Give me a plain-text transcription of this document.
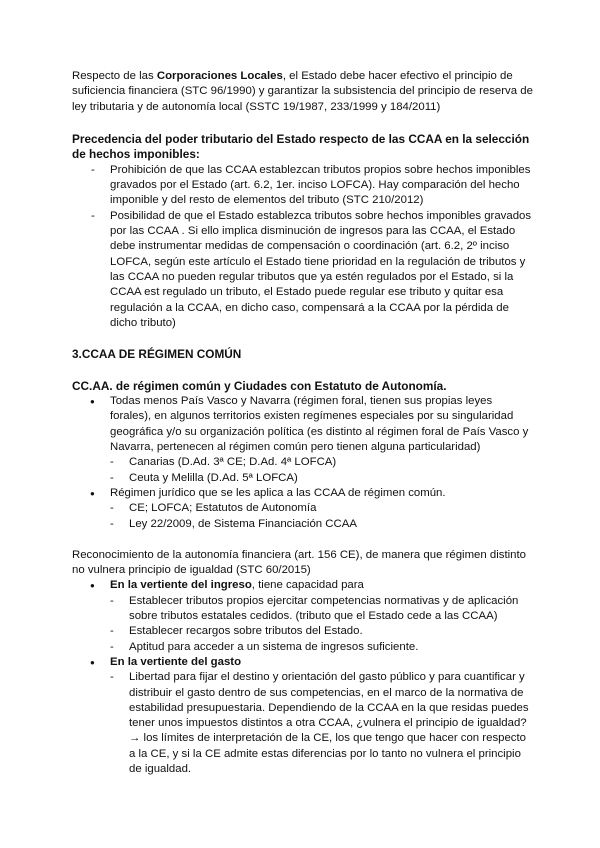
Respecto de las Corporaciones Locales, el Estado debe hacer efectivo el principio de suficiencia financiera (STC 96/1990) y garantizar la subsistencia del principio de reserva de ley tributaria y de autonomía local (SSTC 19/1987, 233/1999 y 184/2011)

Precedencia del poder tributario del Estado respecto de las CCAA en la selección de hechos imponibles:

- Prohibición de que las CCAA establezcan tributos propios sobre hechos imponibles gravados por el Estado (art. 6.2, 1er. inciso LOFCA). Hay comparación del hecho imponible y del resto de elementos del tributo (STC 210/2012)
- Posibilidad de que el Estado establezca tributos sobre hechos imponibles gravados por las CCAA . Si ello implica disminución de ingresos para las CCAA, el Estado debe instrumentar medidas de compensación o coordinación (art. 6.2, 2º inciso LOFCA, según este artículo el Estado tiene prioridad en la regulación de tributos y las CCAA no pueden regular tributos que ya estén regulados por el Estado, si la CCAA est regulado un tributo, el Estado puede regular ese tributo y quitar esa regulación a la CCAA, en dicho caso, compensará a la CCAA por la pérdida de dicho tributo)

3.CCAA DE RÉGIMEN COMÚN

CC.AA. de régimen común y Ciudades con Estatuto de Autonomía.

● Todas menos País Vasco y Navarra (régimen foral, tienen sus propias leyes forales), en algunos territorios existen regímenes especiales por su singularidad geográfica y/o su organización política (es distinto al régimen foral de País Vasco y Navarra, pertenecen al régimen común pero tienen alguna particularidad)
- Canarias (D.Ad. 3ª CE; D.Ad. 4ª LOFCA)
- Ceuta y Melilla (D.Ad. 5ª LOFCA)
● Régimen jurídico que se les aplica a las CCAA de régimen común.
- CE; LOFCA; Estatutos de Autonomía
- Ley 22/2009, de Sistema Financiación CCAA

Reconocimiento de la autonomía financiera (art. 156 CE), de manera que régimen distinto no vulnera principio de igualdad (STC 60/2015)

● En la vertiente del ingreso, tiene capacidad para
- Establecer tributos propios ejercitar competencias normativas y de aplicación sobre tributos estatales cedidos. (tributo que el Estado cede a las CCAA)
- Establecer recargos sobre tributos del Estado.
- Aptitud para acceder a un sistema de ingresos suficiente.
● En la vertiente del gasto
- Libertad para fijar el destino y orientación del gasto público y para cuantificar y distribuir el gasto dentro de sus competencias, en el marco de la normativa de estabilidad presupuestaria. Dependiendo de la CCAA en la que residas puedes tener unos impuestos distintos a otra CCAA, ¿vulnera el principio de igualdad? → los límites de interpretación de la CE, los que tengo que hacer con respecto a la CE, y si la CE admite estas diferencias por lo tanto no vulnera el principio de igualdad.
